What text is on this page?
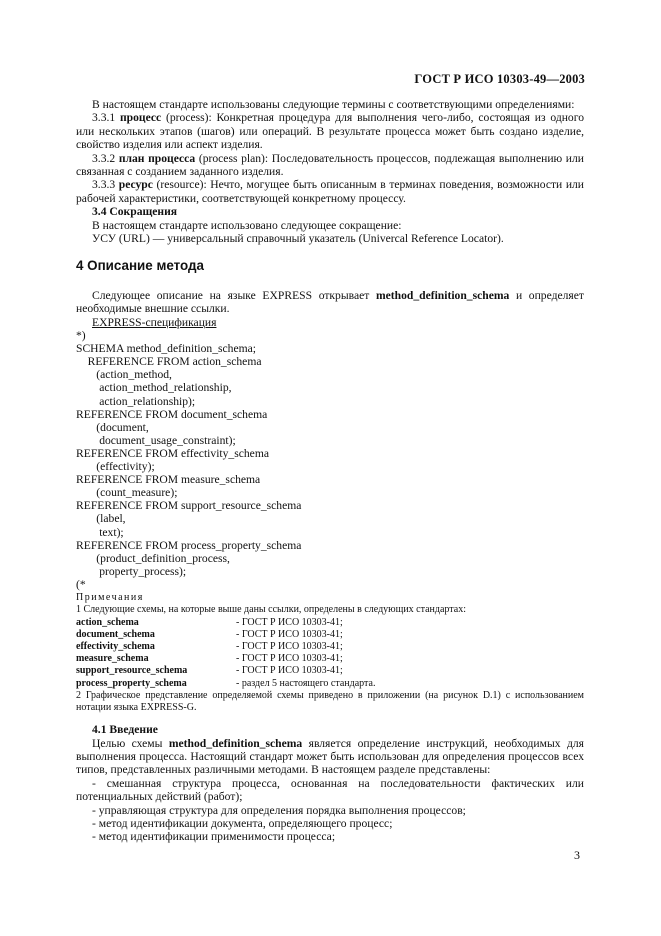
ГОСТ Р ИСО 10303-49—2003

В настоящем стандарте использованы следующие термины с соответствующими определениями:

3.3.1 процесс (process): Конкретная процедура для выполнения чего-либо, состоящая из одного или нескольких этапов (шагов) или операций. В результате процесса может быть создано изделие, свойство изделия или аспект изделия.

3.3.2 план процесса (process plan): Последовательность процессов, подлежащая выполнению или связанная с созданием заданного изделия.

3.3.3 ресурс (resource): Нечто, могущее быть описанным в терминах поведения, возможности или рабочей характеристики, соответствующей конкретному процессу.

3.4 Сокращения

В настоящем стандарте использовано следующее сокращение:

УСУ (URL) — универсальный справочный указатель (Univercal Reference Locator).

4 Описание метода

Следующее описание на языке EXPRESS открывает method_definition_schema и определяет необходимые внешние ссылки.

EXPRESS-спецификация

*)
SCHEMA method_definition_schema;
REFERENCE FROM action_schema
(action_method,
action_method_relationship,
action_relationship);
REFERENCE FROM document_schema
(document,
document_usage_constraint);
REFERENCE FROM effectivity_schema
(effectivity);
REFERENCE FROM measure_schema
(count_measure);
REFERENCE FROM support_resource_schema
(label,
text);
REFERENCE FROM process_property_schema
(product_definition_process,
property_process);
(*
Примечания

1 Следующие схемы, на которые выше даны ссылки, определены в следующих стандартах:

action_schema	- ГОСТ Р ИСО 10303-41;
document_schema	- ГОСТ Р ИСО 10303-41;
effectivity_schema	- ГОСТ Р ИСО 10303-41;
measure_schema	- ГОСТ Р ИСО 10303-41;
support_resource_schema	- ГОСТ Р ИСО 10303-41;
process_property_schema	- раздел 5 настоящего стандарта.

2 Графическое представление определяемой схемы приведено в приложении (на рисунок D.1) с использованием нотации языка EXPRESS-G.

4.1 Введение

Целью схемы method_definition_schema является определение инструкций, необходимых для выполнения процесса. Настоящий стандарт может быть использован для определения процессов всех типов, представленных различными методами. В настоящем разделе представлены:

- смешанная структура процесса, основанная на последовательности фактических или потенциальных действий (работ);

- управляющая структура для определения порядка выполнения процессов;

- метод идентификации документа, определяющего процесс;

- метод идентификации применимости процесса;

3
